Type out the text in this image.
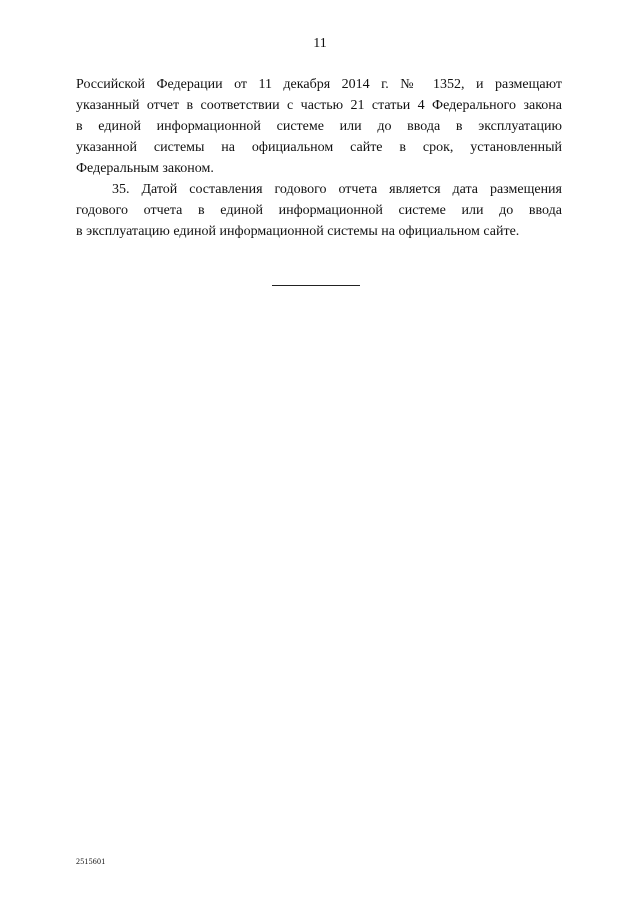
11
Российской Федерации от 11 декабря 2014 г. № 1352, и размещают
указанный отчет в соответствии с частью 21 статьи 4 Федерального закона
в единой информационной системе или до ввода в эксплуатацию
указанной системы на официальном сайте в срок, установленный
Федеральным законом.
35. Датой составления годового отчета является дата размещения
годового отчета в единой информационной системе или до ввода
в эксплуатацию единой информационной системы на официальном сайте.
2515601
